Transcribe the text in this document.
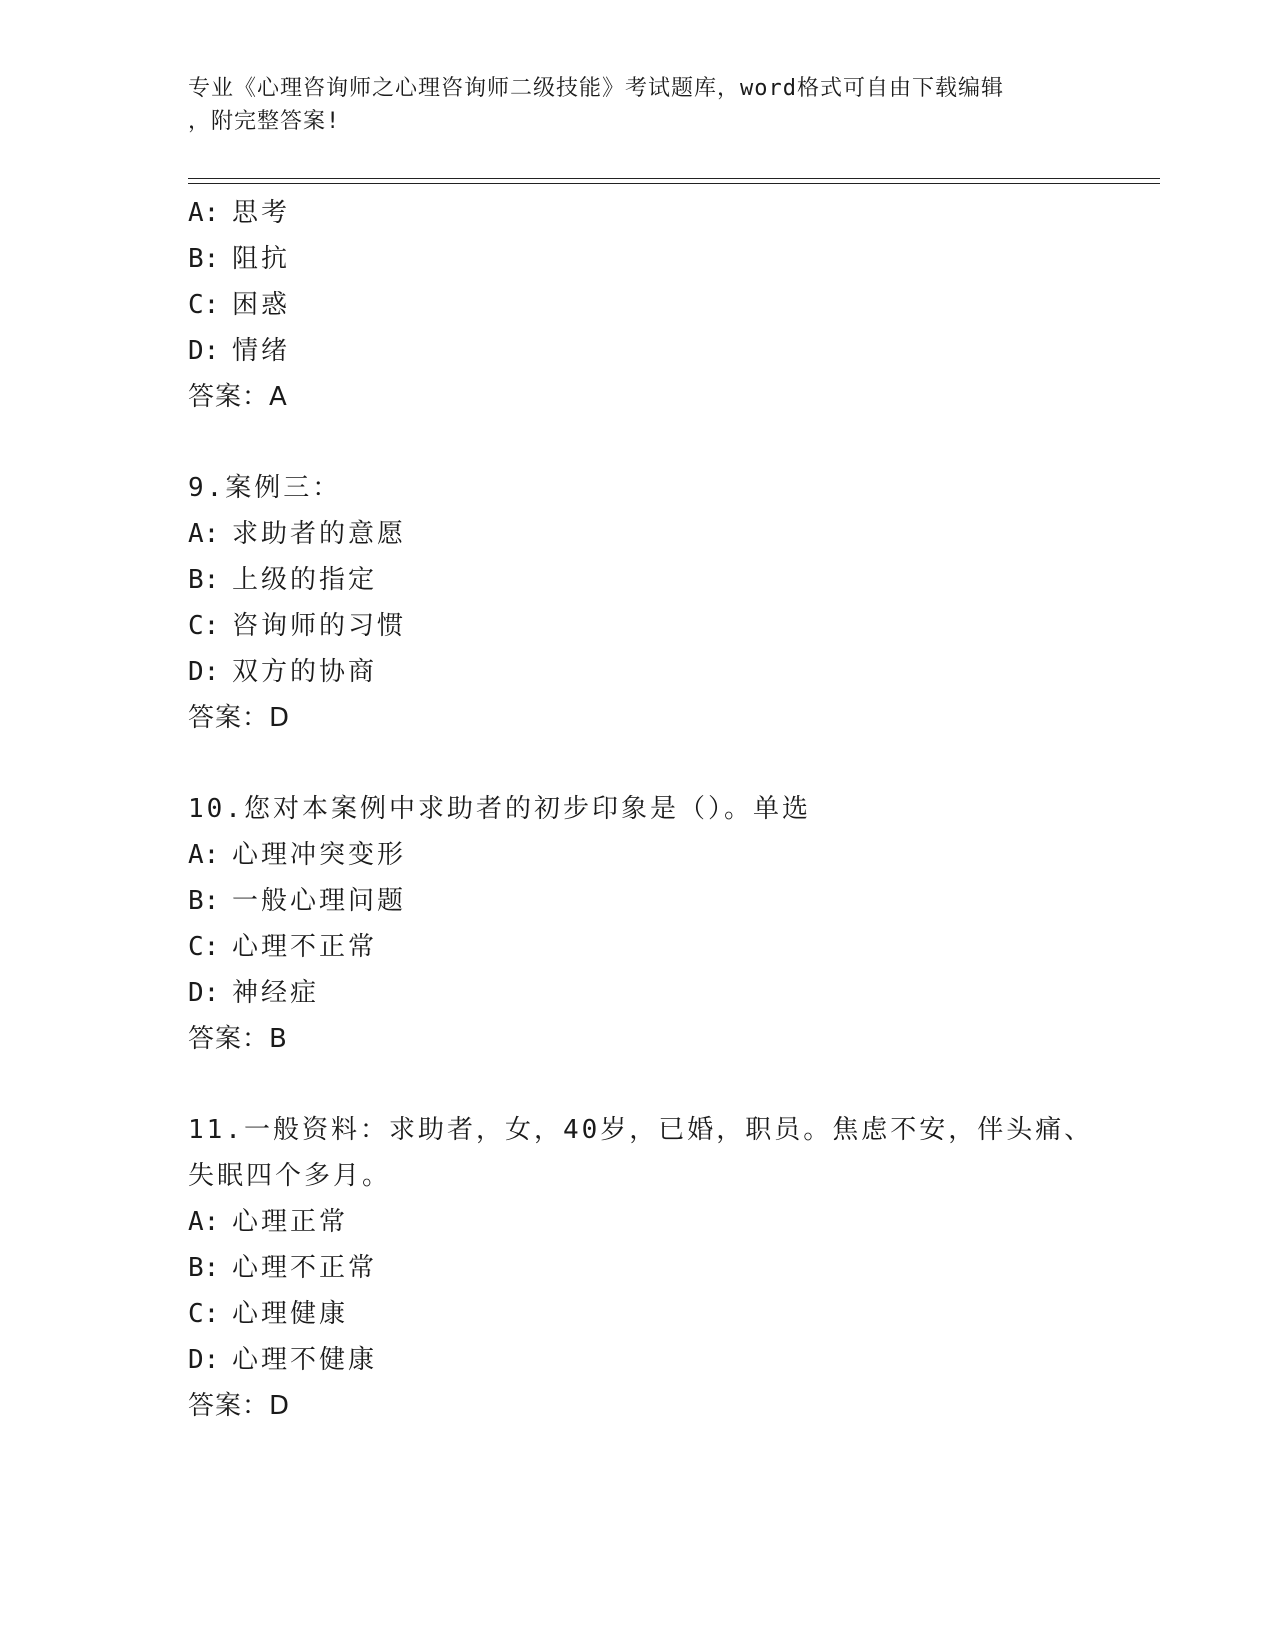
专业《心理咨询师之心理咨询师二级技能》考试题库，word格式可自由下载编辑
，附完整答案!
A: 思考
B: 阻抗
C: 困惑
D: 情绪
答案：A
9.案例三：
A: 求助者的意愿
B: 上级的指定
C: 咨询师的习惯
D: 双方的协商
答案：D
10.您对本案例中求助者的初步印象是（）。单选
A: 心理冲突变形
B: 一般心理问题
C: 心理不正常
D: 神经症
答案：B
11.一般资料：求助者，女，40岁，已婚，职员。焦虑不安，伴头痛、
失眠四个多月。
A: 心理正常
B: 心理不正常
C: 心理健康
D: 心理不健康
答案：D
